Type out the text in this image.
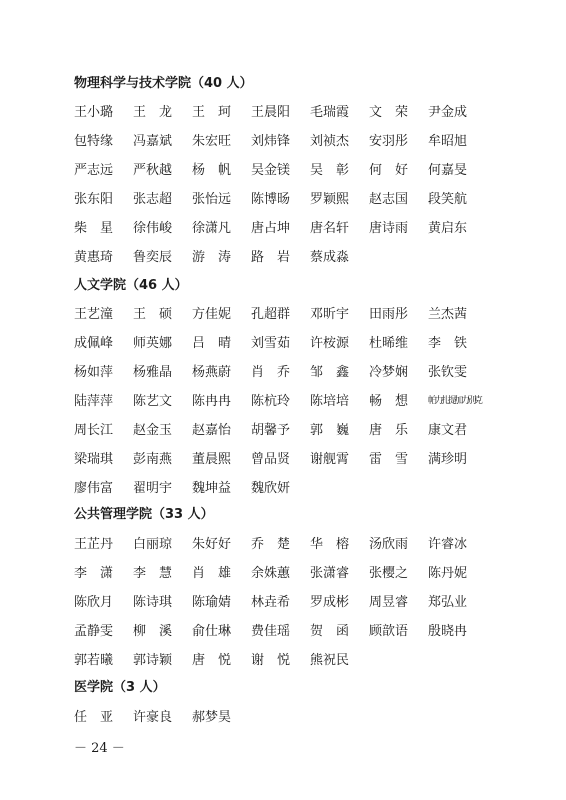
物理科学与技术学院（40 人）
王小璐	王　龙	王　珂	王晨阳	毛瑞霞	文　荣	尹金成
包特缘	冯嘉斌	朱宏旺	刘炜锋	刘祯杰	安羽彤	牟昭旭
严志远	严秋越	杨　帆	吴金镁	吴　彰	何　好	何嘉旻
张东阳	张志超	张怡远	陈博旸	罗颖熙	赵志国	段笑航
柴　星	徐伟峻	徐潇凡	唐占坤	唐名轩	唐诗雨	黄启东
黄惠琦	鲁奕辰	游　涛	路　岩	蔡成淼
人文学院（46 人）
王艺潼	王　硕	方佳妮	孔超群	邓昕宇	田雨彤	兰杰茜
成佩峰	师英娜	吕　晴	刘雪茹	许桉源	杜晞维	李　铁
杨如萍	杨雅晶	杨燕蔚	肖　乔	邹　鑫	冷梦娴	张钦雯
陆萍萍	陈艺文	陈冉冉	陈杭玲	陈培培	畅　想	帕力扎提·加力别克
周长江	赵金玉	赵嘉怡	胡馨予	郭　巍	唐　乐	康文君
梁瑞琪	彭南燕	董晨熙	曾品贤	谢舰霄	雷　雪	满珍明
廖伟富	翟明宇	魏坤益	魏欣妍
公共管理学院（33 人）
王芷丹	白丽琼	朱好好	乔　楚	华　榕	汤欣雨	许睿冰
李　潇	李　慧	肖　雄	余姝蕙	张潇睿	张樱之	陈丹妮
陈欣月	陈诗琪	陈瑜婧	林垚希	罗成彬	周昱睿	郑弘业
孟静雯	柳　溪	俞仕琳	费佳瑶	贺　函	顾歆语	殷晓冉
郭若曦	郭诗颖	唐　悦	谢　悦	熊祝民
医学院（3 人）
任　亚	许豪良	郝梦昊
－ 24 －
